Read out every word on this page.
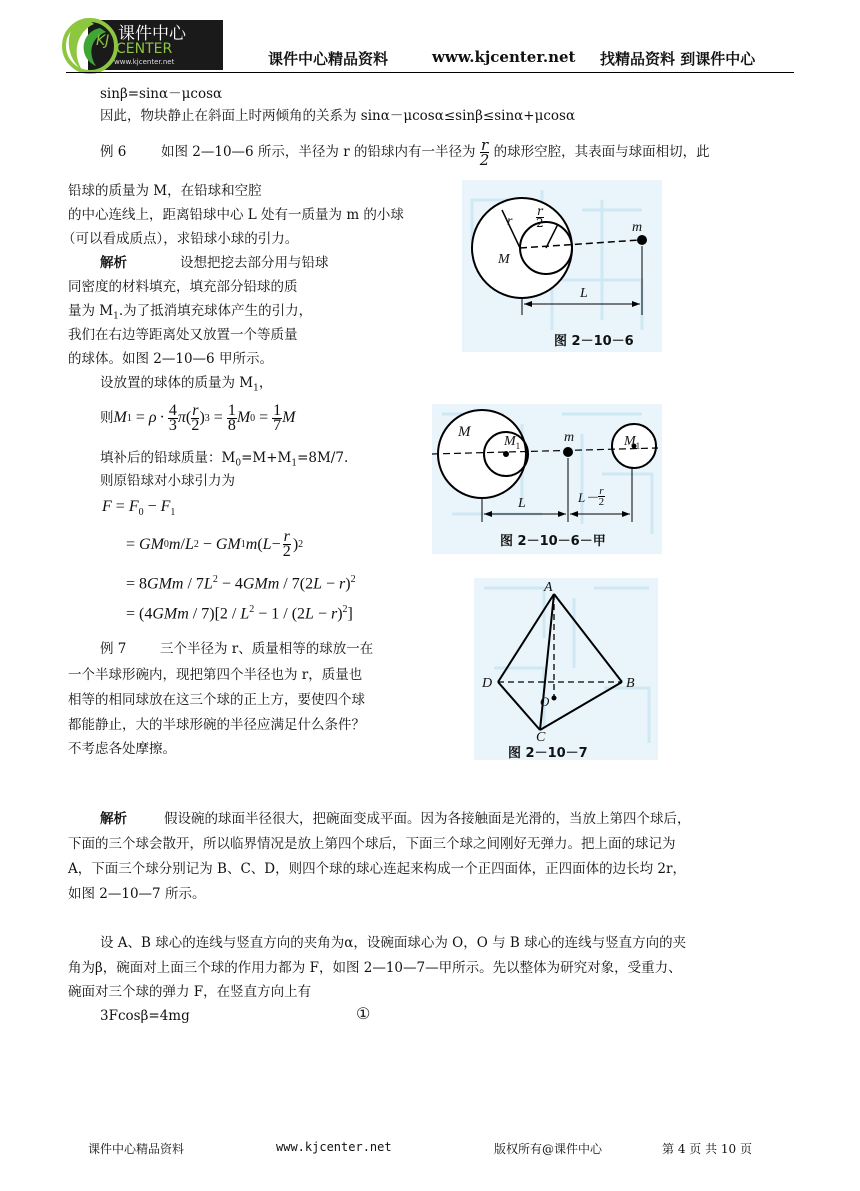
课件中心
KJ CENTER
www.kjcenter.net	课件中心精品资料	www.kjcenter.net 找精品资料 到课件中心
sinβ=sinα－μcosα
因此，物块静止在斜面上时两倾角的关系为 sinα－μcosα≤sinβ≤sinα+μcosα
例 6	如图 2—10—6 所示，半径为 r 的铅球内有一半径为 $\frac{r}{2}$ 的球形空腔，其表面与球面相切，此
铅球的质量为 M，在铅球和空腔
的中心连线上，距离铅球中心 L 处有一质量为 m 的小球
（可以看成质点），求铅球小球的引力。
解析	设想把挖去部分用与铅球
同密度的材料填充，填充部分铅球的质
量为 $M_1$.为了抵消填充球体产生的引力，
我们在右边等距离处又放置一个等质量
的球体。如图 2—10—6 甲所示。
设放置的球体的质量为 $M_1$，
则 M $1 = \rho \cdot \frac{4}{3}$ π ( $\frac{r}{2}$ ) $3 = \frac{1}{8}$ M $0 = \frac{1}{7}$ M
填补后的铅球质量：$M_0=M+M_1=8M/7$.
则原铅球对小球引力为
$F = F_0 - F_1$
= GM 0 m / L 2 − GM 1 m ( $L - \frac{r}{2}$ ) 2
= $8GMm / 7L^2 - 4GMm / 7(2L - r)^2$
= $(4GMm / 7)[2 / L^2 - 1 / (2L - r)^2]$
例 7 三个半径为 r、质量相等的球放一在
一个半球形碗内，现把第四个半径也为 r，质量也
相等的相同球放在这三个球的正上方，要使四个球
都能静止，大的半球形碗的半径应满足什么条件？
不考虑各处摩擦。
解析	假设碗的球面半径很大，把碗面变成平面。因为各接触面是光滑的，当放上第四个球后，
下面的三个球会散开，所以临界情况是放上第四个球后，下面三个球之间刚好无弹力。把上面的球记为
A，下面三个球分别记为 B、C、D，则四个球的球心连起来构成一个正四面体，正四面体的边长均 2r，
如图 2—10—7 所示。
设 A、B 球心的连线与竖直方向的夹角为α，设碗面球心为 O，O 与 B 球心的连线与竖直方向的夹
角为β，碗面对上面三个球的作用力都为 F，如图 2—10—7—甲所示。先以整体为研究对象，受重力、
碗面对三个球的弹力 F，在竖直方向上有
3Fcosβ=4mg	①
r $\frac{r}{2}$
M
m
L
图 2－10－6
M
$M_1$
m	$M_1$
L	$L- \frac{r}{2}$
图 2－10－6－甲
A
B
C
D
O
图 2－10－7
课件中心精品资料	www.kjcenter.net	版权所有@课件中心	第 4 页 共 10 页
